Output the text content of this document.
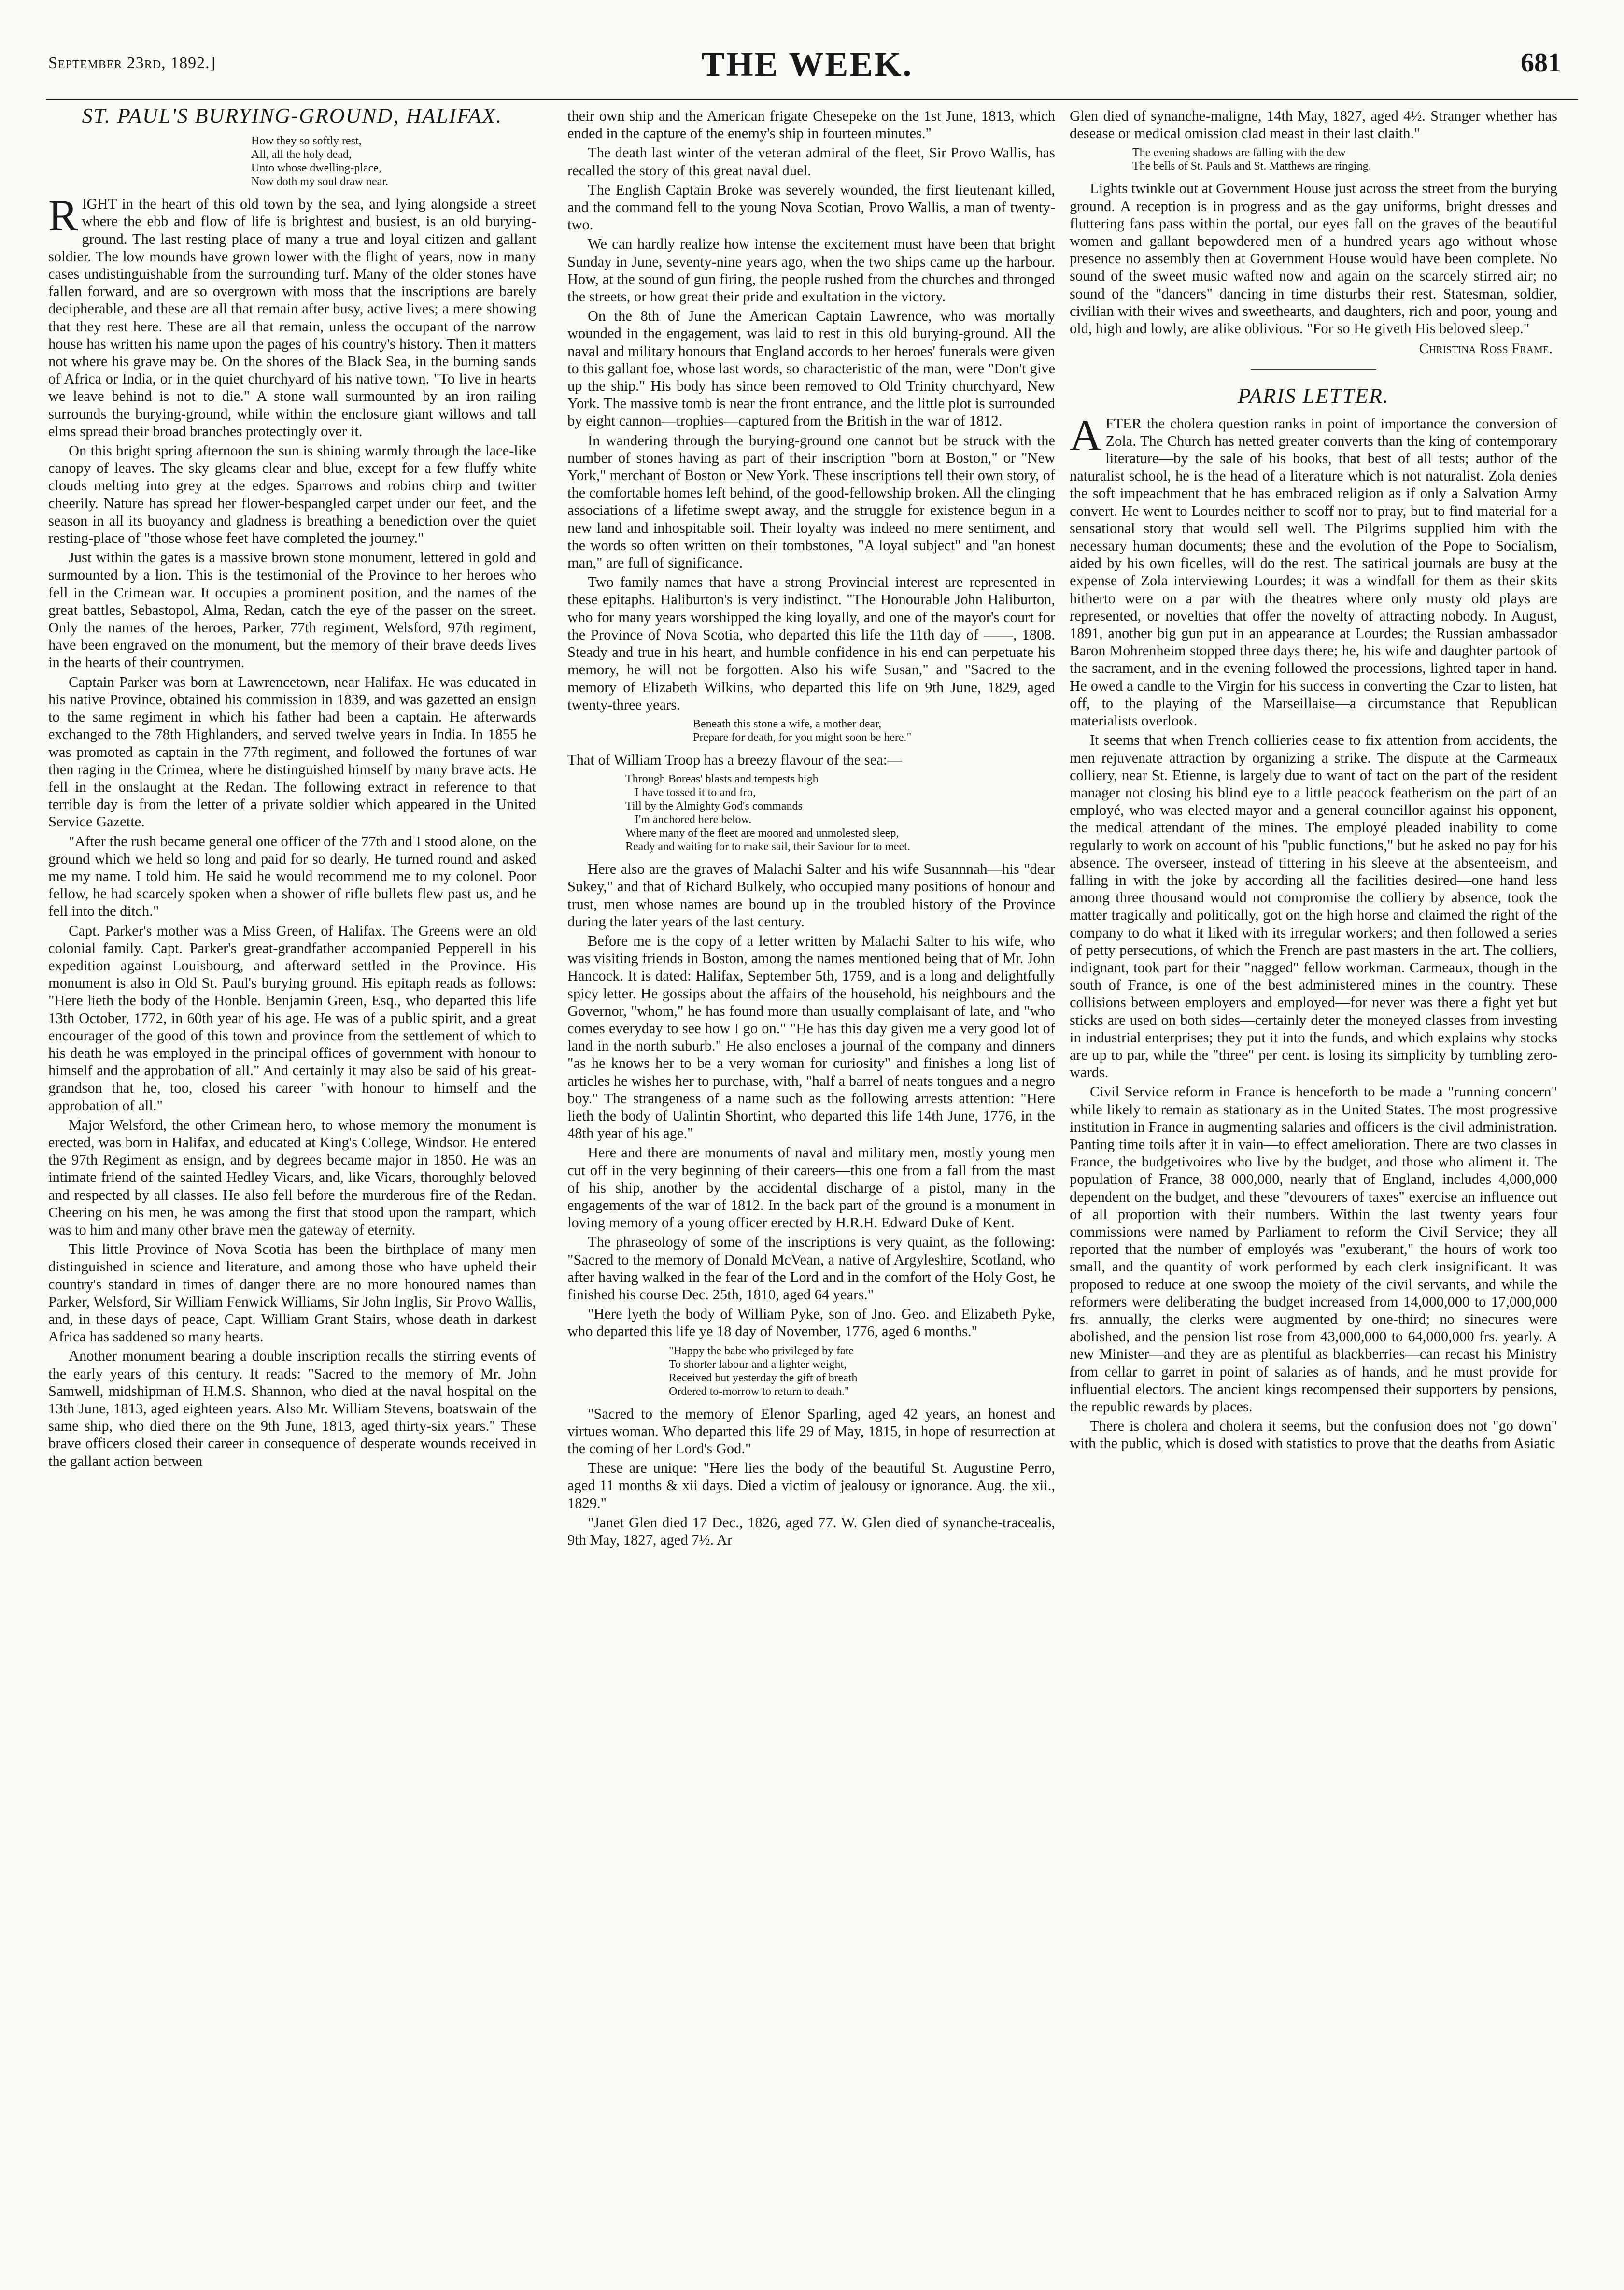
September 23rd, 1892.]	THE WEEK.	681
ST. PAUL'S BURYING-GROUND, HALIFAX.
How they so softly rest,
All, all the holy dead,
Unto whose dwelling-place,
Now doth my soul draw near.

RIGHT in the heart of this old town by the sea, and lying alongside a street where the ebb and flow of life is brightest and busiest, is an old burying-ground. The last resting place of many a true and loyal citizen and gallant soldier. The low mounds have grown lower with the flight of years, now in many cases undistinguishable from the surrounding turf. Many of the older stones have fallen forward, and are so overgrown with moss that the inscriptions are barely decipherable, and these are all that remain after busy, active lives; a mere showing that they rest here. These are all that remain, unless the occupant of the narrow house has written his name upon the pages of his country's history. Then it matters not where his grave may be. On the shores of the Black Sea, in the burning sands of Africa or India, or in the quiet churchyard of his native town. "To live in hearts we leave behind is not to die." A stone wall surmounted by an iron railing surrounds the burying-ground, while within the enclosure giant willows and tall elms spread their broad branches protectingly over it.

On this bright spring afternoon the sun is shining warmly through the lace-like canopy of leaves. The sky gleams clear and blue, except for a few fluffy white clouds melting into grey at the edges. Sparrows and robins chirp and twitter cheerily. Nature has spread her flower-bespangled carpet under our feet, and the season in all its buoyancy and gladness is breathing a benediction over the quiet resting-place of "those whose feet have completed the journey."

Just within the gates is a massive brown stone monument, lettered in gold and surmounted by a lion. This is the testimonial of the Province to her heroes who fell in the Crimean war. It occupies a prominent position, and the names of the great battles, Sebastopol, Alma, Redan, catch the eye of the passer on the street. Only the names of the heroes, Parker, 77th regiment, Welsford, 97th regiment, have been engraved on the monument, but the memory of their brave deeds lives in the hearts of their countrymen.

Captain Parker was born at Lawrencetown, near Halifax. He was educated in his native Province, obtained his commission in 1839, and was gazetted an ensign to the same regiment in which his father had been a captain. He afterwards exchanged to the 78th Highlanders, and served twelve years in India. In 1855 he was promoted as captain in the 77th regiment, and followed the fortunes of war then raging in the Crimea, where he distinguished himself by many brave acts. He fell in the onslaught at the Redan. The following extract in reference to that terrible day is from the letter of a private soldier which appeared in the United Service Gazette.

"After the rush became general one officer of the 77th and I stood alone, on the ground which we held so long and paid for so dearly. He turned round and asked me my name. I told him. He said he would recommend me to my colonel. Poor fellow, he had scarcely spoken when a shower of rifle bullets flew past us, and he fell into the ditch."

Capt. Parker's mother was a Miss Green, of Halifax. The Greens were an old colonial family. Capt. Parker's great-grandfather accompanied Pepperell in his expedition against Louisbourg, and afterward settled in the Province. His monument is also in Old St. Paul's burying ground. His epitaph reads as follows: "Here lieth the body of the Honble. Benjamin Green, Esq., who departed this life 13th October, 1772, in 60th year of his age. He was of a public spirit, and a great encourager of the good of this town and province from the settlement of which to his death he was employed in the principal offices of government with honour to himself and the approbation of all." And certainly it may also be said of his great-grandson that he, too, closed his career "with honour to himself and the approbation of all."

Major Welsford, the other Crimean hero, to whose memory the monument is erected, was born in Halifax, and educated at King's College, Windsor. He entered the 97th Regiment as ensign, and by degrees became major in 1850. He was an intimate friend of the sainted Hedley Vicars, and, like Vicars, thoroughly beloved and respected by all classes. He also fell before the murderous fire of the Redan. Cheering on his men, he was among the first that stood upon the rampart, which was to him and many other brave men the gateway of eternity.

This little Province of Nova Scotia has been the birthplace of many men distinguished in science and literature, and among those who have upheld their country's standard in times of danger there are no more honoured names than Parker, Welsford, Sir William Fenwick Williams, Sir John Inglis, Sir Provo Wallis, and, in these days of peace, Capt. William Grant Stairs, whose death in darkest Africa has saddened so many hearts.

Another monument bearing a double inscription recalls the stirring events of the early years of this century. It reads: "Sacred to the memory of Mr. John Samwell, midshipman of H.M.S. Shannon, who died at the naval hospital on the 13th June, 1813, aged eighteen years. Also Mr. William Stevens, boatswain of the same ship, who died there on the 9th June, 1813, aged thirty-six years." These brave officers closed their career in consequence of desperate wounds received in the gallant action between

their own ship and the American frigate Chesepeke on the 1st June, 1813, which ended in the capture of the enemy's ship in fourteen minutes."

The death last winter of the veteran admiral of the fleet, Sir Provo Wallis, has recalled the story of this great naval duel.

The English Captain Broke was severely wounded, the first lieutenant killed, and the command fell to the young Nova Scotian, Provo Wallis, a man of twenty-two.

We can hardly realize how intense the excitement must have been that bright Sunday in June, seventy-nine years ago, when the two ships came up the harbour. How, at the sound of gun firing, the people rushed from the churches and thronged the streets, or how great their pride and exultation in the victory.

On the 8th of June the American Captain Lawrence, who was mortally wounded in the engagement, was laid to rest in this old burying-ground. All the naval and military honours that England accords to her heroes' funerals were given to this gallant foe, whose last words, so characteristic of the man, were "Don't give up the ship." His body has since been removed to Old Trinity churchyard, New York. The massive tomb is near the front entrance, and the little plot is surrounded by eight cannon—trophies—captured from the British in the war of 1812.

In wandering through the burying-ground one cannot but be struck with the number of stones having as part of their inscription "born at Boston," or "New York," merchant of Boston or New York. These inscriptions tell their own story, of the comfortable homes left behind, of the good-fellowship broken. All the clinging associations of a lifetime swept away, and the struggle for existence begun in a new land and inhospitable soil. Their loyalty was indeed no mere sentiment, and the words so often written on their tombstones, "A loyal subject" and "an honest man," are full of significance.

Two family names that have a strong Provincial interest are represented in these epitaphs. Haliburton's is very indistinct. "The Honourable John Haliburton, who for many years worshipped the king loyally, and one of the mayor's court for the Province of Nova Scotia, who departed this life the 11th day of ——, 1808. Steady and true in his heart, and humble confidence in his end can perpetuate his memory, he will not be forgotten. Also his wife Susan," and "Sacred to the memory of Elizabeth Wilkins, who departed this life on 9th June, 1829, aged twenty-three years.

Beneath this stone a wife, a mother dear,
Prepare for death, for you might soon be here."

That of William Troop has a breezy flavour of the sea:—

Through Boreas' blasts and tempests high
I have tossed it to and fro,
Till by the Almighty God's commands
I'm anchored here below.
Where many of the fleet are moored and unmolested sleep,
Ready and waiting for to make sail, their Saviour for to meet.

Here also are the graves of Malachi Salter and his wife Susannnah—his "dear Sukey," and that of Richard Bulkely, who occupied many positions of honour and trust, men whose names are bound up in the troubled history of the Province during the later years of the last century.

Before me is the copy of a letter written by Malachi Salter to his wife, who was visiting friends in Boston, among the names mentioned being that of Mr. John Hancock. It is dated: Halifax, September 5th, 1759, and is a long and delightfully spicy letter. He gossips about the affairs of the household, his neighbours and the Governor, "whom," he has found more than usually complaisant of late, and "who comes everyday to see how I go on." "He has this day given me a very good lot of land in the north suburb." He also encloses a journal of the company and dinners "as he knows her to be a very woman for curiosity" and finishes a long list of articles he wishes her to purchase, with, "half a barrel of neats tongues and a negro boy." The strangeness of a name such as the following arrests attention: "Here lieth the body of Ualintin Shortint, who departed this life 14th June, 1776, in the 48th year of his age."

Here and there are monuments of naval and military men, mostly young men cut off in the very beginning of their careers—this one from a fall from the mast of his ship, another by the accidental discharge of a pistol, many in the engagements of the war of 1812. In the back part of the ground is a monument in loving memory of a young officer erected by H.R.H. Edward Duke of Kent.

The phraseology of some of the inscriptions is very quaint, as the following: "Sacred to the memory of Donald McVean, a native of Argyleshire, Scotland, who after having walked in the fear of the Lord and in the comfort of the Holy Gost, he finished his course Dec. 25th, 1810, aged 64 years."

"Here lyeth the body of William Pyke, son of Jno. Geo. and Elizabeth Pyke, who departed this life ye 18 day of November, 1776, aged 6 months."

"Happy the babe who privileged by fate
To shorter labour and a lighter weight,
Received but yesterday the gift of breath
Ordered to-morrow to return to death."

"Sacred to the memory of Elenor Sparling, aged 42 years, an honest and virtues woman. Who departed this life 29 of May, 1815, in hope of resurrection at the coming of her Lord's God."

These are unique: "Here lies the body of the beautiful St. Augustine Perro, aged 11 months & xii days. Died a victim of jealousy or ignorance. Aug. the xii., 1829."

"Janet Glen died 17 Dec., 1826, aged 77. W. Glen died of synanche-tracealis, 9th May, 1827, aged 7½. Ar

Glen died of synanche-maligne, 14th May, 1827, aged 4½. Stranger whether has desease or medical omission clad meast in their last claith."

The evening shadows are falling with the dew
The bells of St. Pauls and St. Matthews are ringing.

Lights twinkle out at Government House just across the street from the burying ground. A reception is in progress and as the gay uniforms, bright dresses and fluttering fans pass within the portal, our eyes fall on the graves of the beautiful women and gallant bepowdered men of a hundred years ago without whose presence no assembly then at Government House would have been complete. No sound of the sweet music wafted now and again on the scarcely stirred air; no sound of the "dancers" dancing in time disturbs their rest. Statesman, soldier, civilian with their wives and sweethearts, and daughters, rich and poor, young and old, high and lowly, are alike oblivious. "For so He giveth His beloved sleep."

Christina Ross Frame.
PARIS LETTER.

AFTER the cholera question ranks in point of importance the conversion of Zola. The Church has netted greater converts than the king of contemporary literature—by the sale of his books, that best of all tests; author of the naturalist school, he is the head of a literature which is not naturalist. Zola denies the soft impeachment that he has embraced religion as if only a Salvation Army convert. He went to Lourdes neither to scoff nor to pray, but to find material for a sensational story that would sell well. The Pilgrims supplied him with the necessary human documents; these and the evolution of the Pope to Socialism, aided by his own ficelles, will do the rest. The satirical journals are busy at the expense of Zola interviewing Lourdes; it was a windfall for them as their skits hitherto were on a par with the theatres where only musty old plays are represented, or novelties that offer the novelty of attracting nobody. In August, 1891, another big gun put in an appearance at Lourdes; the Russian ambassador Baron Mohrenheim stopped three days there; he, his wife and daughter partook of the sacrament, and in the evening followed the processions, lighted taper in hand. He owed a candle to the Virgin for his success in converting the Czar to listen, hat off, to the playing of the Marseillaise—a circumstance that Republican materialists overlook.

It seems that when French collieries cease to fix attention from accidents, the men rejuvenate attraction by organizing a strike. The dispute at the Carmeaux colliery, near St. Etienne, is largely due to want of tact on the part of the resident manager not closing his blind eye to a little peacock featherism on the part of an employé, who was elected mayor and a general councillor against his opponent, the medical attendant of the mines. The employé pleaded inability to come regularly to work on account of his "public functions," but he asked no pay for his absence. The overseer, instead of tittering in his sleeve at the absenteeism, and falling in with the joke by according all the facilities desired—one hand less among three thousand would not compromise the colliery by absence, took the matter tragically and politically, got on the high horse and claimed the right of the company to do what it liked with its irregular workers; and then followed a series of petty persecutions, of which the French are past masters in the art. The colliers, indignant, took part for their "nagged" fellow workman. Carmeaux, though in the south of France, is one of the best administered mines in the country. These collisions between employers and employed—for never was there a fight yet but sticks are used on both sides—certainly deter the moneyed classes from investing in industrial enterprises; they put it into the funds, and which explains why stocks are up to par, while the "three" per cent. is losing its simplicity by tumbling zero-wards.

Civil Service reform in France is henceforth to be made a "running concern" while likely to remain as stationary as in the United States. The most progressive institution in France in augmenting salaries and officers is the civil administration. Panting time toils after it in vain—to effect amelioration. There are two classes in France, the budgetivoires who live by the budget, and those who aliment it. The population of France, 38 000,000, nearly that of England, includes 4,000,000 dependent on the budget, and these "devourers of taxes" exercise an influence out of all proportion with their numbers. Within the last twenty years four commissions were named by Parliament to reform the Civil Service; they all reported that the number of employés was "exuberant," the hours of work too small, and the quantity of work performed by each clerk insignificant. It was proposed to reduce at one swoop the moiety of the civil servants, and while the reformers were deliberating the budget increased from 14,000,000 to 17,000,000 frs. annually, the clerks were augmented by one-third; no sinecures were abolished, and the pension list rose from 43,000,000 to 64,000,000 frs. yearly. A new Minister—and they are as plentiful as blackberries—can recast his Ministry from cellar to garret in point of salaries as of hands, and he must provide for influential electors. The ancient kings recompensed their supporters by pensions, the republic rewards by places.

There is cholera and cholera it seems, but the confusion does not "go down" with the public, which is dosed with statistics to prove that the deaths from Asiatic
